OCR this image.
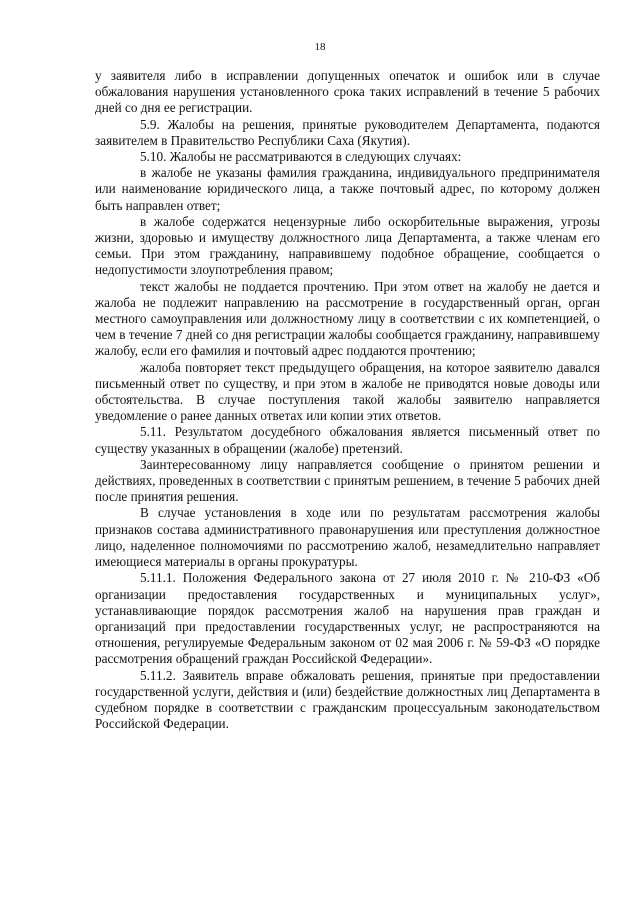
18

у заявителя либо в исправлении допущенных опечаток и ошибок или в случае обжалования нарушения установленного срока таких исправлений в течение 5 рабочих дней со дня ее регистрации.

5.9. Жалобы на решения, принятые руководителем Департамента, подаются заявителем в Правительство Республики Саха (Якутия).

5.10. Жалобы не рассматриваются в следующих случаях:

в жалобе не указаны фамилия гражданина, индивидуального предпринимателя или наименование юридического лица, а также почтовый адрес, по которому должен быть направлен ответ;

в жалобе содержатся нецензурные либо оскорбительные выражения, угрозы жизни, здоровью и имуществу должностного лица Департамента, а также членам его семьи. При этом гражданину, направившему подобное обращение, сообщается о недопустимости злоупотребления правом;

текст жалобы не поддается прочтению. При этом ответ на жалобу не дается и жалоба не подлежит направлению на рассмотрение в государственный орган, орган местного самоуправления или должностному лицу в соответствии с их компетенцией, о чем в течение 7 дней со дня регистрации жалобы сообщается гражданину, направившему жалобу, если его фамилия и почтовый адрес поддаются прочтению;

жалоба повторяет текст предыдущего обращения, на которое заявителю давался письменный ответ по существу, и при этом в жалобе не приводятся новые доводы или обстоятельства. В случае поступления такой жалобы заявителю направляется уведомление о ранее данных ответах или копии этих ответов.

5.11. Результатом досудебного обжалования является письменный ответ по существу указанных в обращении (жалобе) претензий.

Заинтересованному лицу направляется сообщение о принятом решении и действиях, проведенных в соответствии с принятым решением, в течение 5 рабочих дней после принятия решения.

В случае установления в ходе или по результатам рассмотрения жалобы признаков состава административного правонарушения или преступления должностное лицо, наделенное полномочиями по рассмотрению жалоб, незамедлительно направляет имеющиеся материалы в органы прокуратуры.

5.11.1. Положения Федерального закона от 27 июля 2010 г. № 210-ФЗ «Об организации предоставления государственных и муниципальных услуг», устанавливающие порядок рассмотрения жалоб на нарушения прав граждан и организаций при предоставлении государственных услуг, не распространяются на отношения, регулируемые Федеральным законом от 02 мая 2006 г. № 59-ФЗ «О порядке рассмотрения обращений граждан Российской Федерации».

5.11.2. Заявитель вправе обжаловать решения, принятые при предоставлении государственной услуги, действия и (или) бездействие должностных лиц Департамента в судебном порядке в соответствии с гражданским процессуальным законодательством Российской Федерации.
